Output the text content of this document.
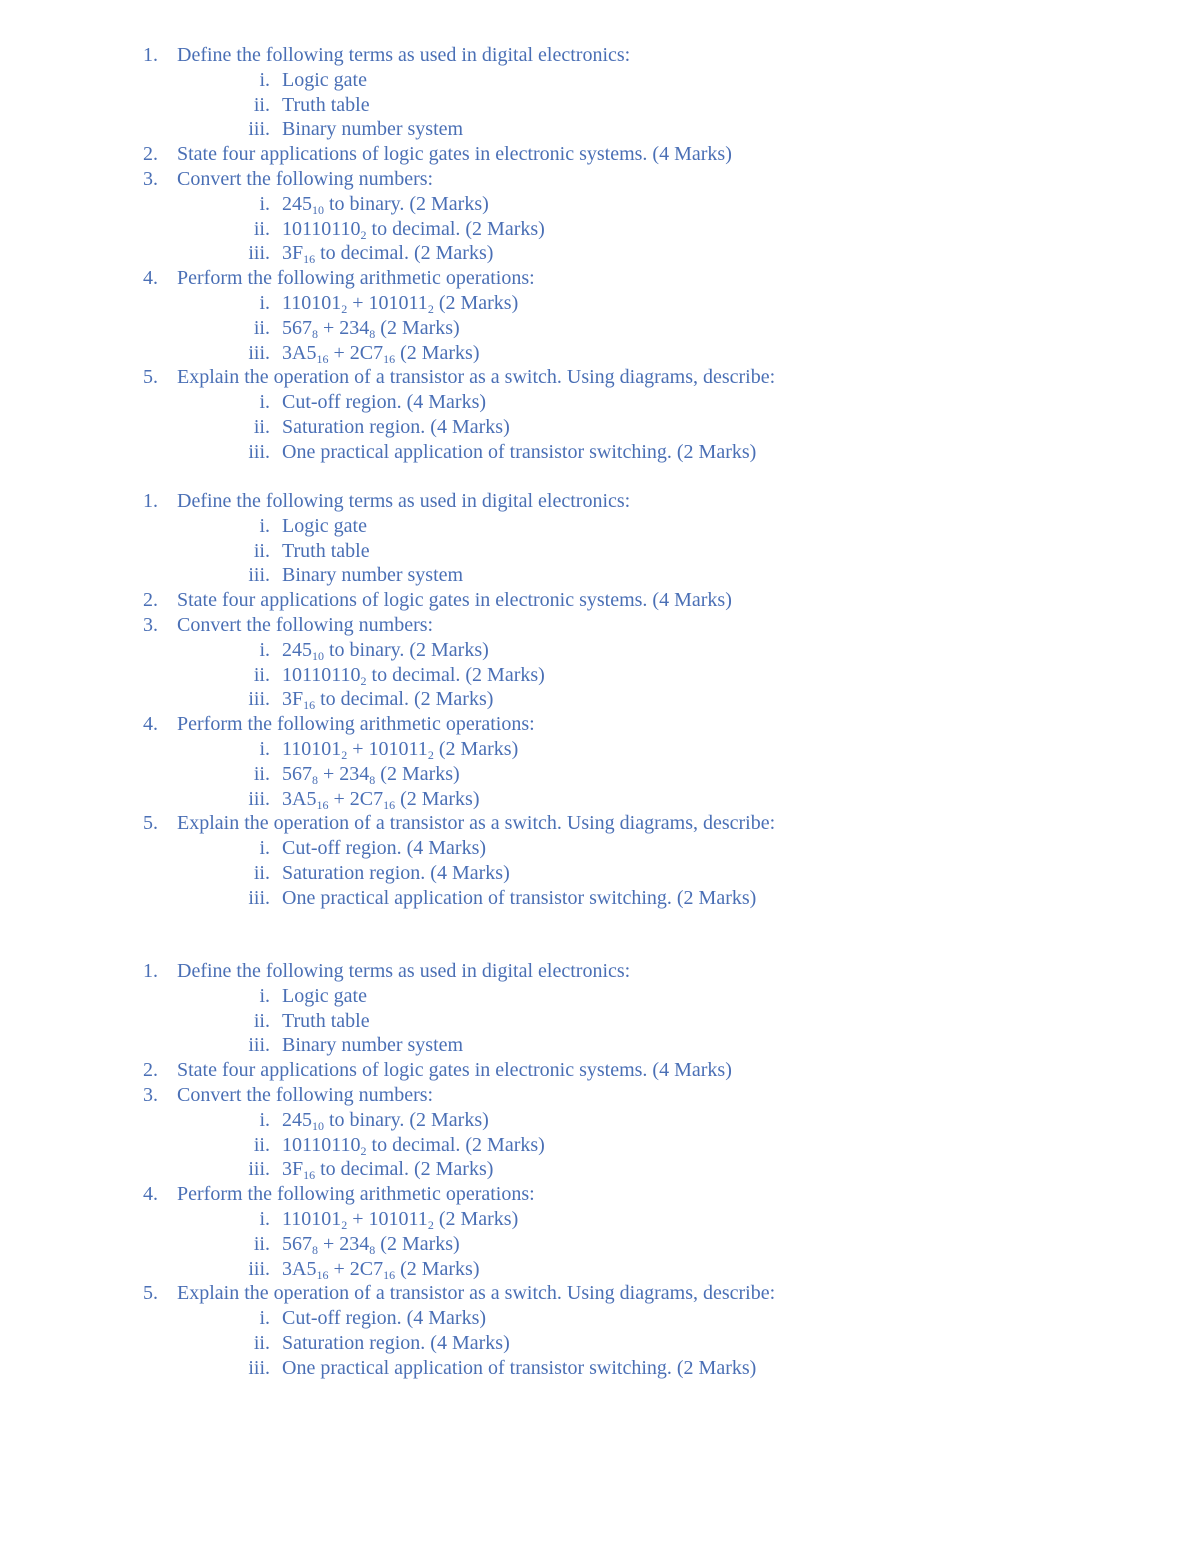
1. Define the following terms as used in digital electronics:
i. Logic gate
ii. Truth table
iii. Binary number system
2. State four applications of logic gates in electronic systems. (4 Marks)
3. Convert the following numbers:
i. $245_{10}$ to binary. (2 Marks)
ii. $10110110_2$ to decimal. (2 Marks)
iii. $3F_{16}$ to decimal. (2 Marks)
4. Perform the following arithmetic operations:
i. $110101_2 + 101011_2$ (2 Marks)
ii. $567_8 + 234_8$ (2 Marks)
iii. $3A5_{16} + 2C7_{16}$ (2 Marks)
5. Explain the operation of a transistor as a switch. Using diagrams, describe:
i. Cut-off region. (4 Marks)
ii. Saturation region. (4 Marks)
iii. One practical application of transistor switching. (2 Marks)
1. Define the following terms as used in digital electronics:
i. Logic gate
ii. Truth table
iii. Binary number system
2. State four applications of logic gates in electronic systems. (4 Marks)
3. Convert the following numbers:
i. $245_{10}$ to binary. (2 Marks)
ii. $10110110_2$ to decimal. (2 Marks)
iii. $3F_{16}$ to decimal. (2 Marks)
4. Perform the following arithmetic operations:
i. $110101_2 + 101011_2$ (2 Marks)
ii. $567_8 + 234_8$ (2 Marks)
iii. $3A5_{16} + 2C7_{16}$ (2 Marks)
5. Explain the operation of a transistor as a switch. Using diagrams, describe:
i. Cut-off region. (4 Marks)
ii. Saturation region. (4 Marks)
iii. One practical application of transistor switching. (2 Marks)
1. Define the following terms as used in digital electronics:
i. Logic gate
ii. Truth table
iii. Binary number system
2. State four applications of logic gates in electronic systems. (4 Marks)
3. Convert the following numbers:
i. $245_{10}$ to binary. (2 Marks)
ii. $10110110_2$ to decimal. (2 Marks)
iii. $3F_{16}$ to decimal. (2 Marks)
4. Perform the following arithmetic operations:
i. $110101_2 + 101011_2$ (2 Marks)
ii. $567_8 + 234_8$ (2 Marks)
iii. $3A5_{16} + 2C7_{16}$ (2 Marks)
5. Explain the operation of a transistor as a switch. Using diagrams, describe:
i. Cut-off region. (4 Marks)
ii. Saturation region. (4 Marks)
iii. One practical application of transistor switching. (2 Marks)
